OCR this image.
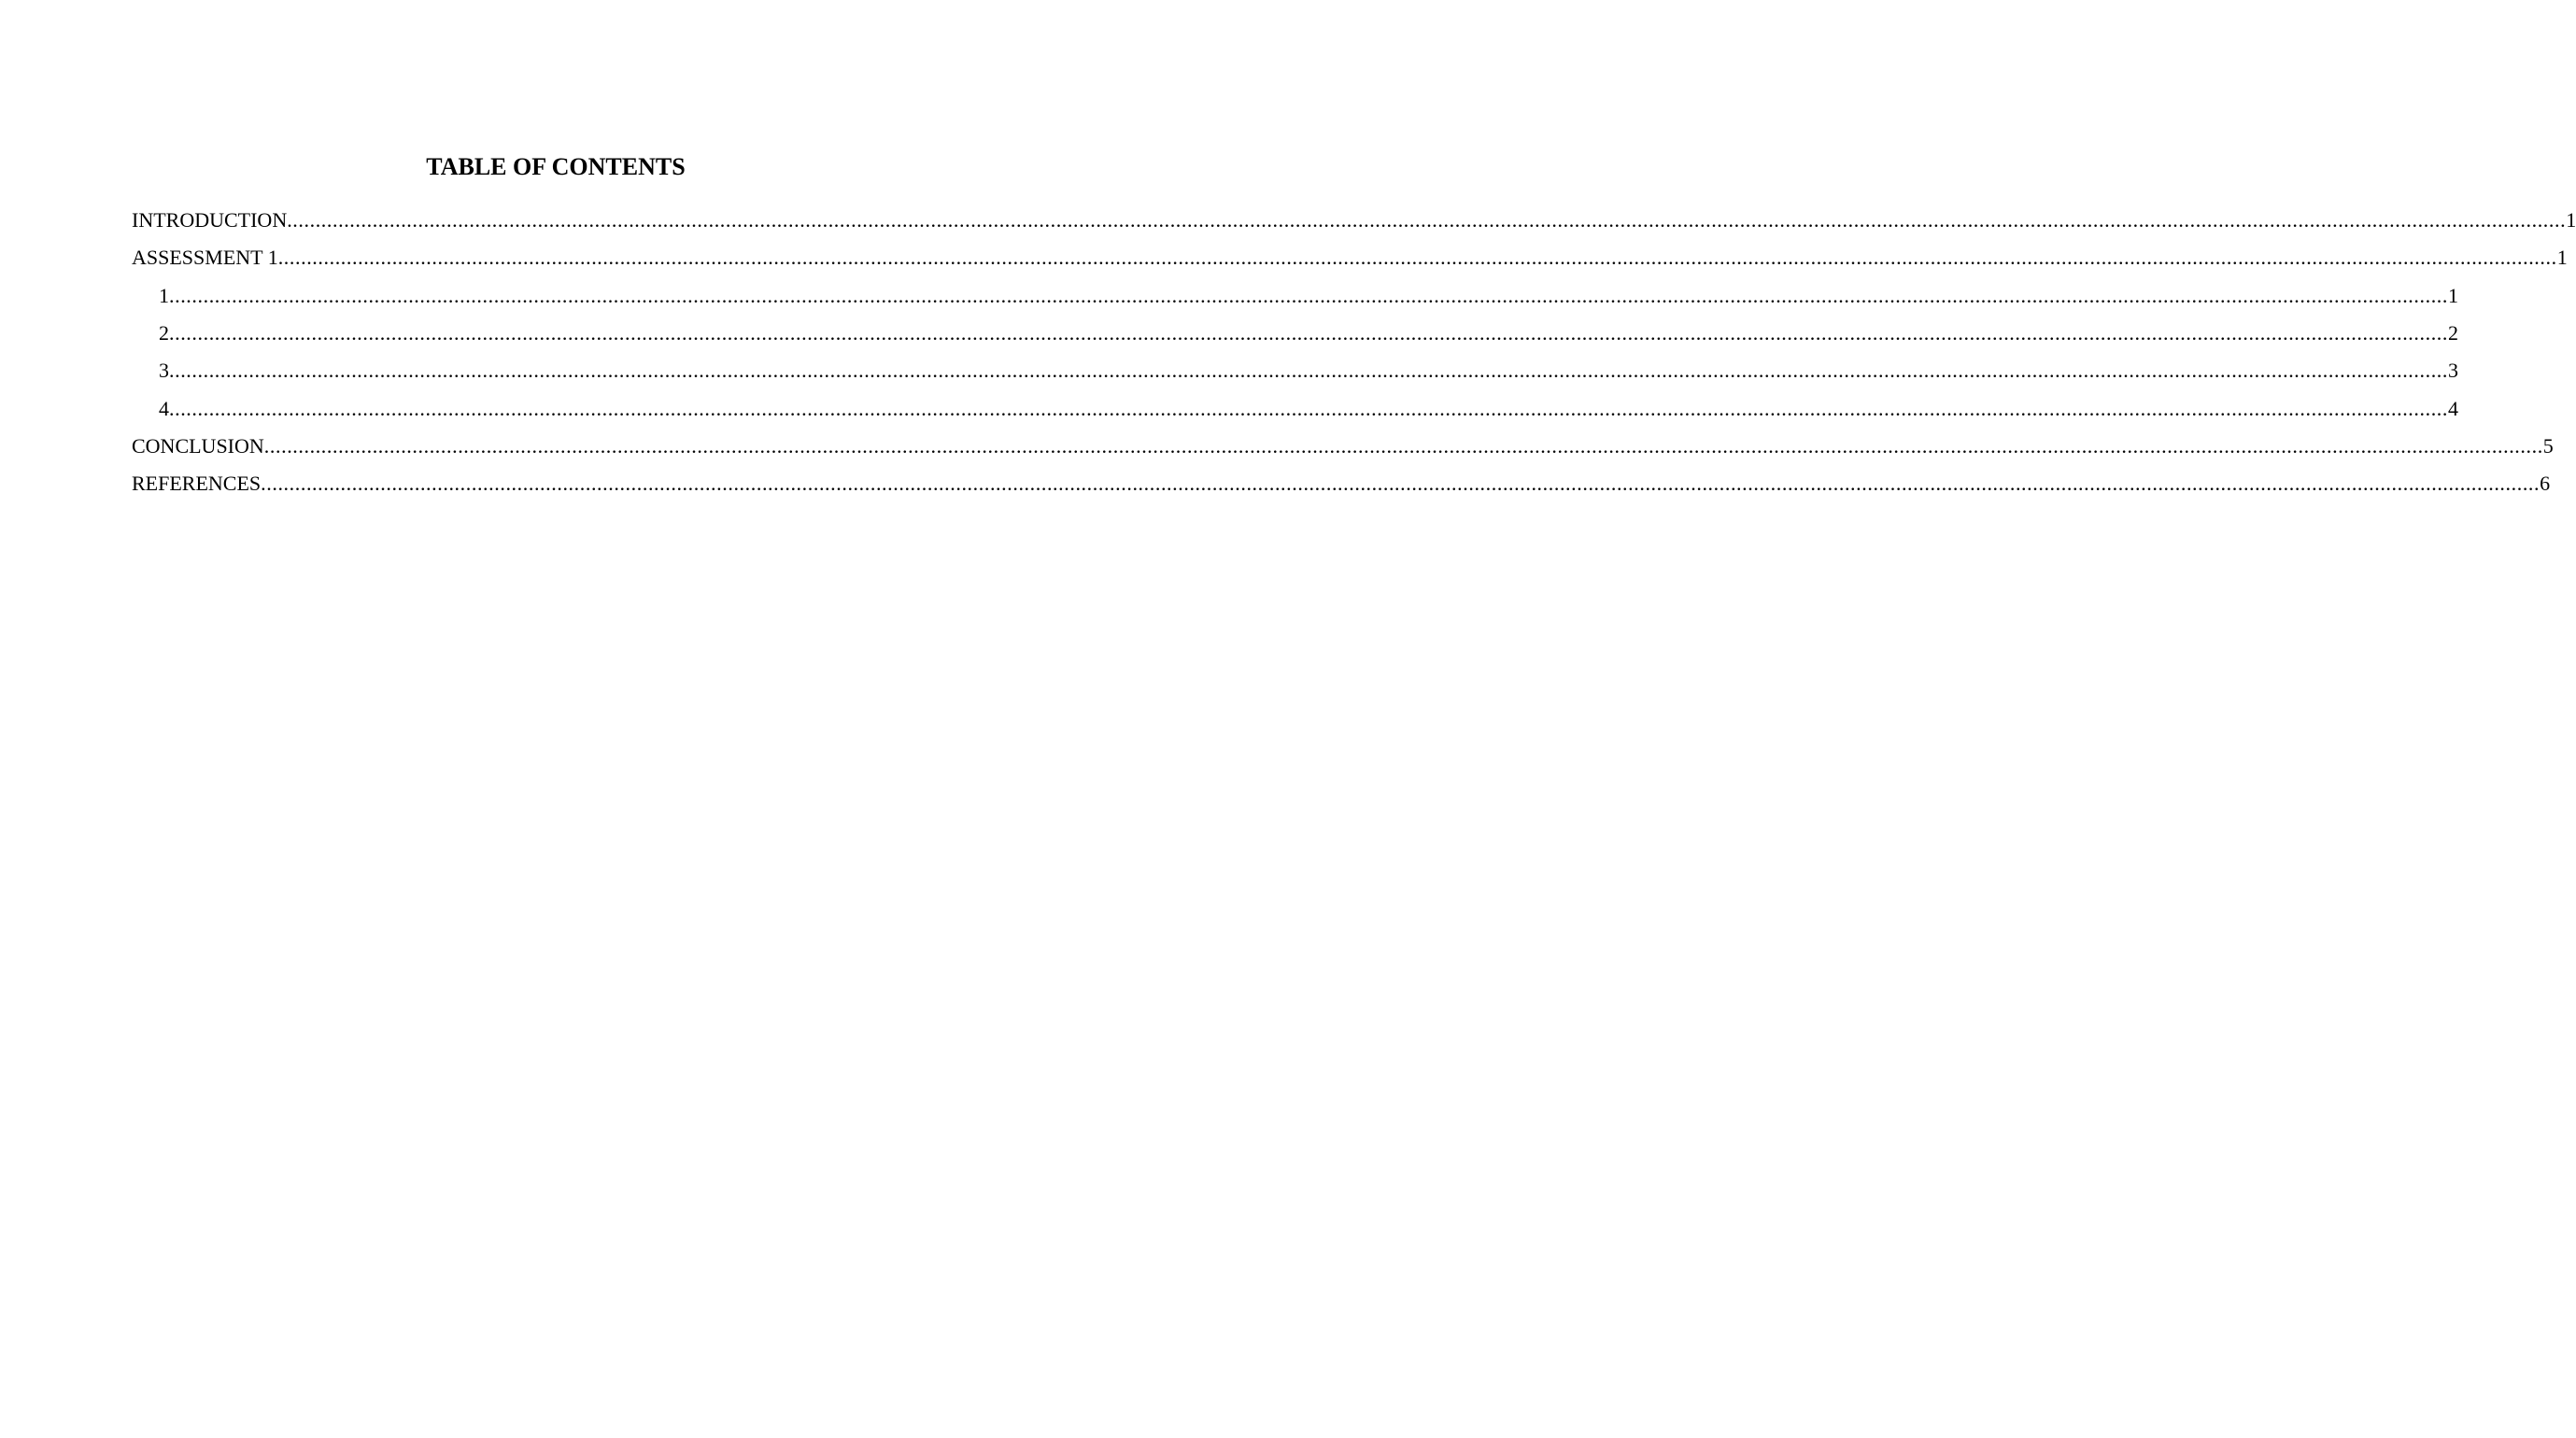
TABLE OF CONTENTS
INTRODUCTION ................................................................................................................................................................................................................................................................................................................................................................................................................ 1
ASSESSMENT 1 ................................................................................................................................................................................................................................................................................................................................................................................................................ 1
1 ................................................................................................................................................................................................................................................................................................................................................................................................................ 1
2 ................................................................................................................................................................................................................................................................................................................................................................................................................ 2
3 ................................................................................................................................................................................................................................................................................................................................................................................................................ 3
4 ................................................................................................................................................................................................................................................................................................................................................................................................................ 4
CONCLUSION ................................................................................................................................................................................................................................................................................................................................................................................................................ 5
REFERENCES ................................................................................................................................................................................................................................................................................................................................................................................................................ 6
